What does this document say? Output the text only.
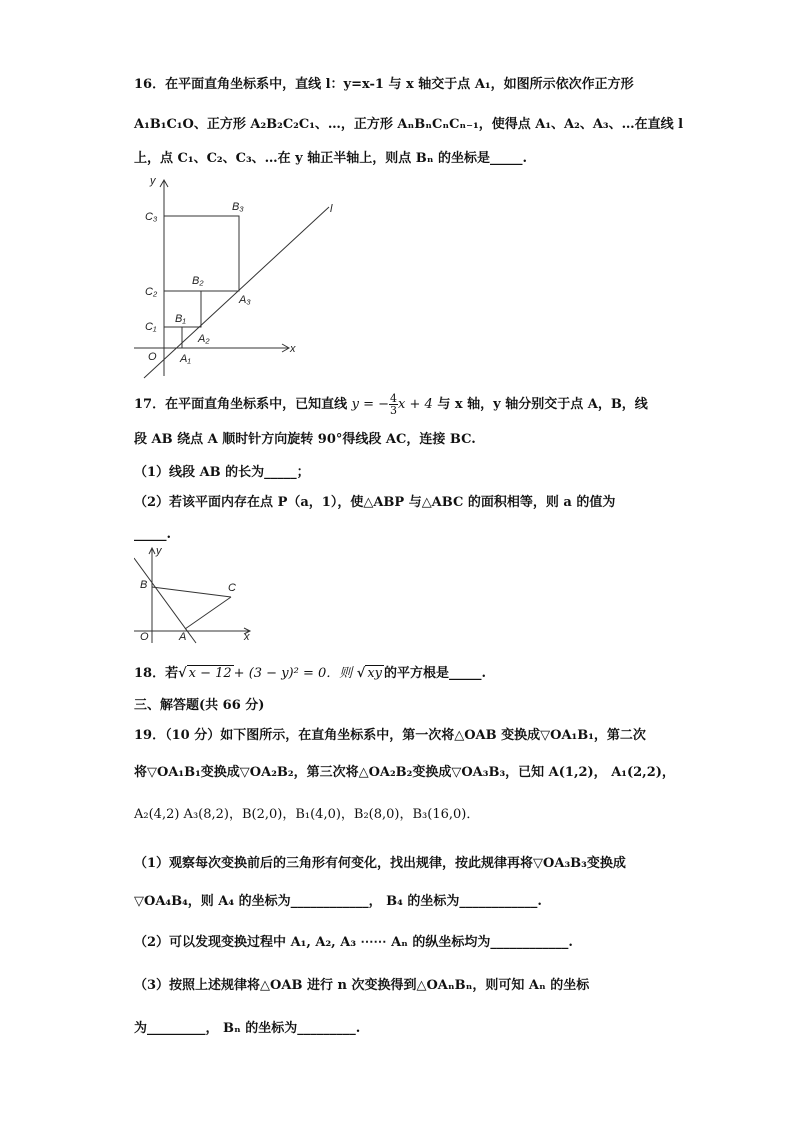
16．在平面直角坐标系中，直线 l：y=x-1 与 x 轴交于点 A₁，如图所示依次作正方形
A₁B₁C₁O、正方形 A₂B₂C₂C₁、…，正方形 AₙBₙCₙCₙ₋₁，使得点 A₁、A₂、A₃、…在直线 l
上，点 C₁、C₂、C₃、…在 y 轴正半轴上，则点 Bₙ 的坐标是_____.
y
x
O
l
C₃
B₃
C₂
B₂
A₃
C₁
B₁
A₂
A₁
17．在平面直角坐标系中，已知直线 y = − $\frac{4}{3}$ x + 4 与 x 轴，y 轴分别交于点 A，B，线
段 AB 绕点 A 顺时针方向旋转 90°得线段 AC，连接 BC.
（1）线段 AB 的长为_____；
（2）若该平面内存在点 P（a，1），使△ABP 与△ABC 的面积相等，则 a 的值为
_____.
y
x
O	A
B	C
18．若√ x − 12 + (3 − y)² = 0．则 √ xy 的平方根是_____.
三、解答题(共 66 分)
19．（10 分）如下图所示，在直角坐标系中，第一次将△OAB 变换成▽OA₁B₁，第二次
将▽OA₁B₁变换成▽OA₂B₂，第三次将△OA₂B₂变换成▽OA₃B₃，已知 A(1,2)， A₁(2,2)，
A₂(4,2) A₃(8,2)，B(2,0)，B₁(4,0)，B₂(8,0)，B₃(16,0)．
（1）观察每次变换前后的三角形有何变化，找出规律，按此规律再将▽OA₃B₃变换成
▽OA₄B₄，则 A₄ 的坐标为____________， B₄ 的坐标为____________.
（2）可以发现变换过程中 A₁, A₂, A₃ ⋯⋯ Aₙ 的纵坐标均为____________.
（3）按照上述规律将△OAB 进行 n 次变换得到△OAₙBₙ，则可知 Aₙ 的坐标
为_________， Bₙ 的坐标为_________.
